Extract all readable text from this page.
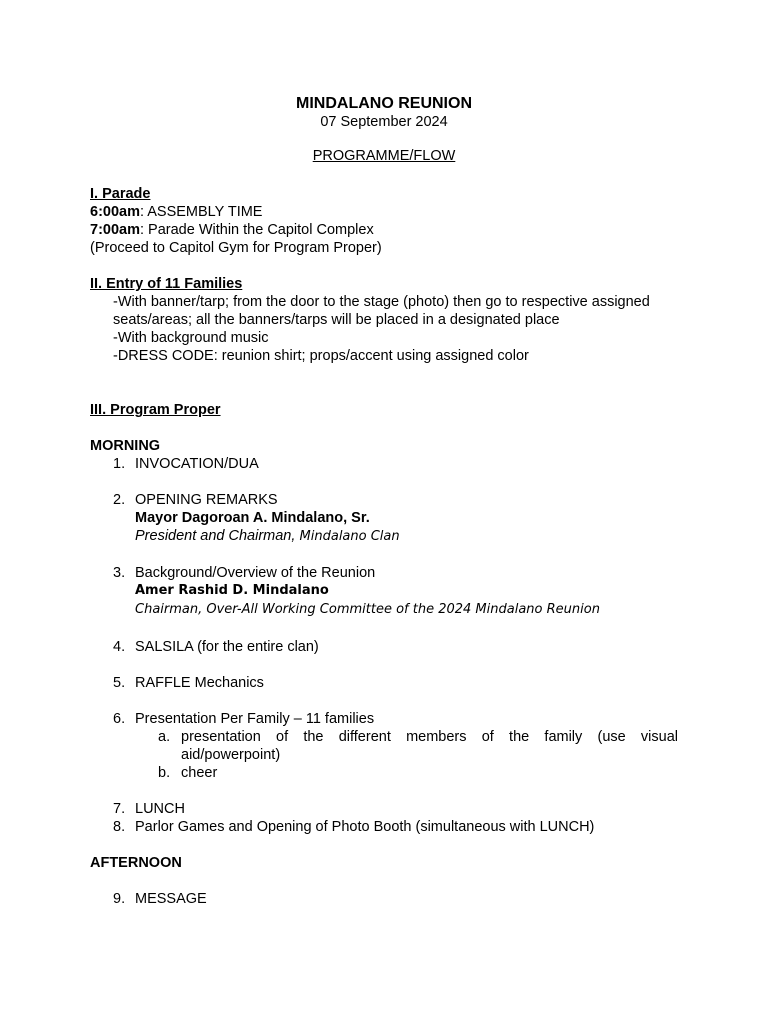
MINDALANO REUNION
07 September 2024
PROGRAMME/FLOW
I. Parade
6:00am: ASSEMBLY TIME
7:00am: Parade Within the Capitol Complex
(Proceed to Capitol Gym for Program Proper)
II. Entry of 11 Families
-With banner/tarp; from the door to the stage (photo) then go to respective assigned seats/areas; all the banners/tarps will be placed in a designated place
-With background music
-DRESS CODE: reunion shirt; props/accent using assigned color
III. Program Proper
MORNING
1. INVOCATION/DUA
2. OPENING REMARKS
Mayor Dagoroan A. Mindalano, Sr.
President and Chairman, Mindalano Clan
3. Background/Overview of the Reunion
Amer Rashid D. Mindalano
Chairman, Over-All Working Committee of the 2024 Mindalano Reunion
4. SALSILA (for the entire clan)
5. RAFFLE Mechanics
6. Presentation Per Family – 11 families
a. presentation of the different members of the family (use visual aid/powerpoint)
b. cheer
7. LUNCH
8. Parlor Games and Opening of Photo Booth (simultaneous with LUNCH)
AFTERNOON
9. MESSAGE
